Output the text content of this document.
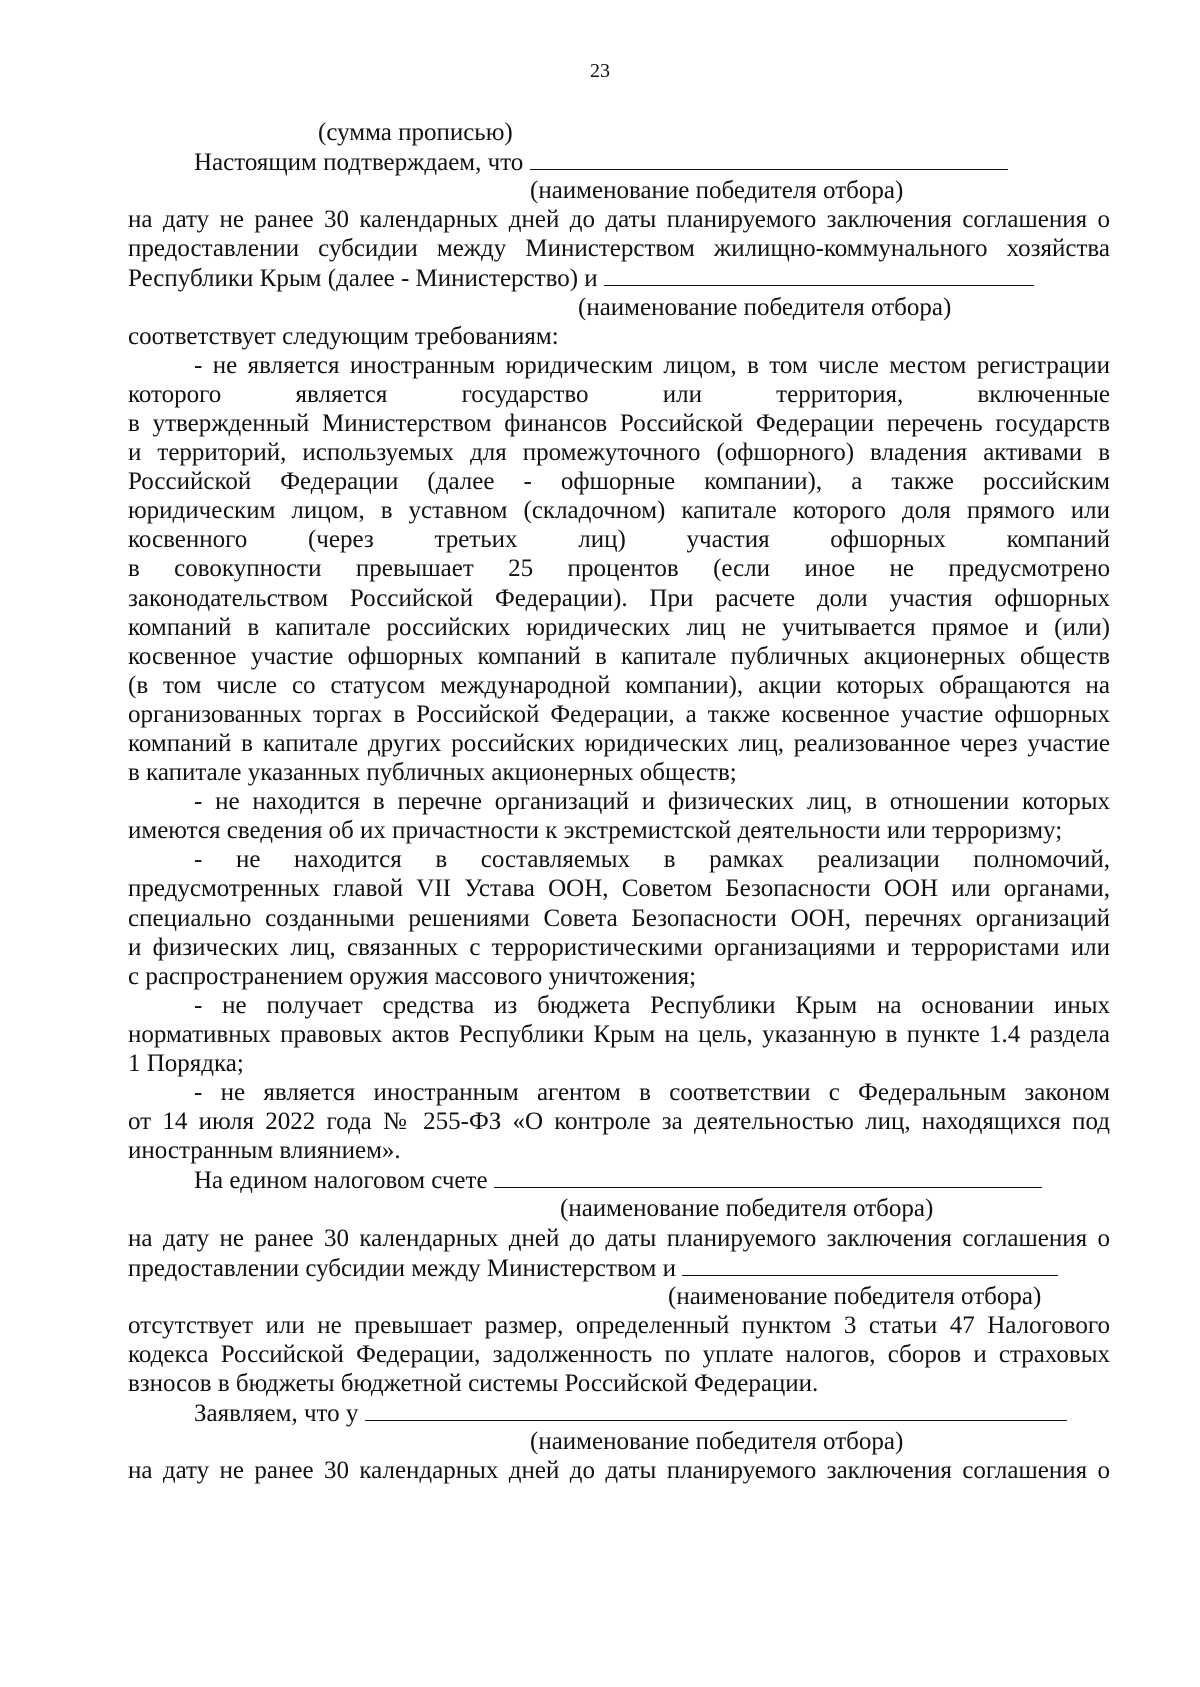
23
(сумма прописью)
Настоящим подтверждаем, что
(наименование победителя отбора)
на дату не ранее 30 календарных дней до даты планируемого заключения соглашения о
предоставлении субсидии между Министерством жилищно-коммунального хозяйства
Республики Крым (далее - Министерство) и
(наименование победителя отбора)
соответствует следующим требованиям:
- не является иностранным юридическим лицом, в том числе местом регистрации
которого является государство или территория, включенные
в утвержденный Министерством финансов Российской Федерации перечень государств
и территорий, используемых для промежуточного (офшорного) владения активами в
Российской Федерации (далее - офшорные компании), а также российским
юридическим лицом, в уставном (складочном) капитале которого доля прямого или
косвенного (через третьих лиц) участия офшорных компаний
в совокупности превышает 25 процентов (если иное не предусмотрено
законодательством Российской Федерации). При расчете доли участия офшорных
компаний в капитале российских юридических лиц не учитывается прямое и (или)
косвенное участие офшорных компаний в капитале публичных акционерных обществ
(в том числе со статусом международной компании), акции которых обращаются на
организованных торгах в Российской Федерации, а также косвенное участие офшорных
компаний в капитале других российских юридических лиц, реализованное через участие
в капитале указанных публичных акционерных обществ;
- не находится в перечне организаций и физических лиц, в отношении которых
имеются сведения об их причастности к экстремистской деятельности или терроризму;
- не находится в составляемых в рамках реализации полномочий,
предусмотренных главой VII Устава ООН, Советом Безопасности ООН или органами,
специально созданными решениями Совета Безопасности ООН, перечнях организаций
и физических лиц, связанных с террористическими организациями и террористами или
с распространением оружия массового уничтожения;
- не получает средства из бюджета Республики Крым на основании иных
нормативных правовых актов Республики Крым на цель, указанную в пункте 1.4 раздела
1 Порядка;
- не является иностранным агентом в соответствии с Федеральным законом
от 14 июля 2022 года № 255-ФЗ «О контроле за деятельностью лиц, находящихся под
иностранным влиянием».
На едином налоговом счете
(наименование победителя отбора)
на дату не ранее 30 календарных дней до даты планируемого заключения соглашения о
предоставлении субсидии между Министерством и
(наименование победителя отбора)
отсутствует или не превышает размер, определенный пунктом 3 статьи 47 Налогового
кодекса Российской Федерации, задолженность по уплате налогов, сборов и страховых
взносов в бюджеты бюджетной системы Российской Федерации.
Заявляем, что у
(наименование победителя отбора)
на дату не ранее 30 календарных дней до даты планируемого заключения соглашения о
